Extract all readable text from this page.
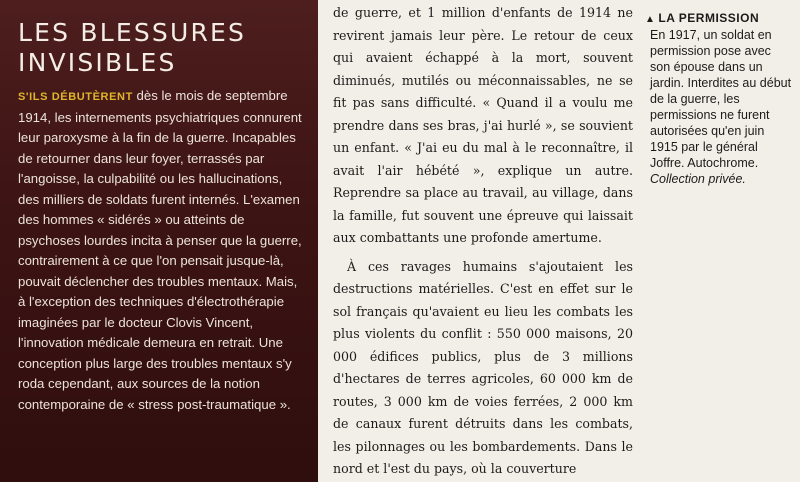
LES BLESSURES INVISIBLES

S'ILS DÉBUTÈRENT dès le mois de septembre 1914, les internements psychiatriques connurent leur paroxysme à la fin de la guerre. Incapables de retourner dans leur foyer, terrassés par l'angoisse, la culpabilité ou les hallucinations, des milliers de soldats furent internés. L'examen des hommes « sidérés » ou atteints de psychoses lourdes incita à penser que la guerre, contrairement à ce que l'on pensait jusque-là, pouvait déclencher des troubles mentaux. Mais, à l'exception des techniques d'électrothérapie imaginées par le docteur Clovis Vincent, l'innovation médicale demeura en retrait. Une conception plus large des troubles mentaux s'y roda cependant, aux sources de la notion contemporaine de « stress post-traumatique ».

de guerre, et 1 million d'enfants de 1914 ne revirent jamais leur père. Le retour de ceux qui avaient échappé à la mort, souvent diminués, mutilés ou méconnaissables, ne se fit pas sans difficulté. « Quand il a voulu me prendre dans ses bras, j'ai hurlé », se souvient un enfant. « J'ai eu du mal à le reconnaître, il avait l'air hébété », explique un autre. Reprendre sa place au travail, au village, dans la famille, fut souvent une épreuve qui laissait aux combattants une profonde amertume.

À ces ravages humains s'ajoutaient les destructions matérielles. C'est en effet sur le sol français qu'avaient eu lieu les combats les plus violents du conflit : 550 000 maisons, 20 000 édifices publics, plus de 3 millions d'hectares de terres agricoles, 60 000 km de routes, 3 000 km de voies ferrées, 2 000 km de canaux furent détruits dans les combats, les pilonnages ou les bombardements. Dans le nord et l'est du pays, où la couverture

▲ LA PERMISSION

En 1917, un soldat en permission pose avec son épouse dans un jardin. Interdites au début de la guerre, les permissions ne furent autorisées qu'en juin 1915 par le général Joffre. Autochrome. Collection privée.
